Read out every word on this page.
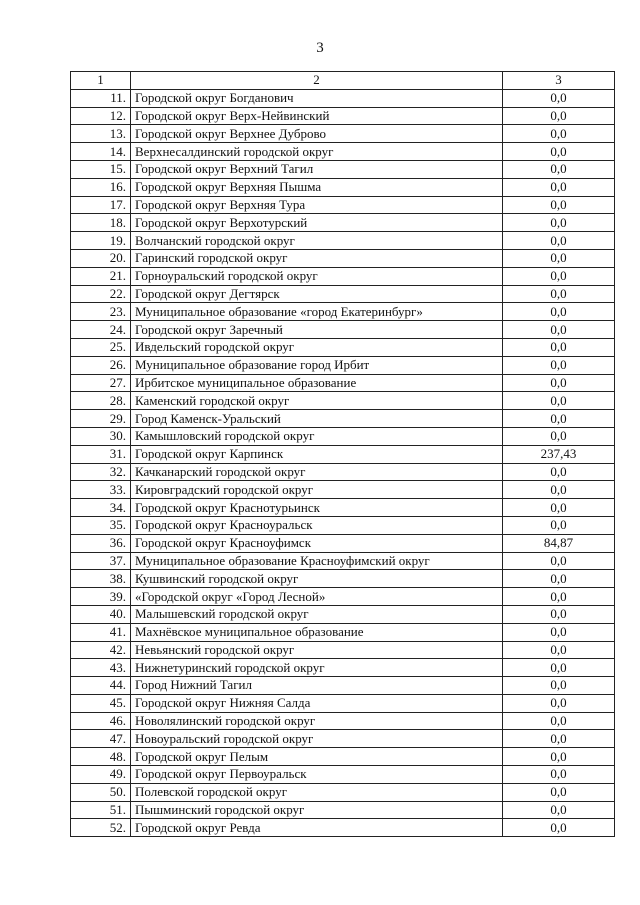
3
1	2	3
11.	Городской округ Богданович	0,0
12.	Городской округ Верх-Нейвинский	0,0
13.	Городской округ Верхнее Дуброво	0,0
14.	Верхнесалдинский городской округ	0,0
15.	Городской округ Верхний Тагил	0,0
16.	Городской округ Верхняя Пышма	0,0
17.	Городской округ Верхняя Тура	0,0
18.	Городской округ Верхотурский	0,0
19.	Волчанский городской округ	0,0
20.	Гаринский городской округ	0,0
21.	Горноуральский городской округ	0,0
22.	Городской округ Дегтярск	0,0
23.	Муниципальное образование «город Екатеринбург»	0,0
24.	Городской округ Заречный	0,0
25.	Ивдельский городской округ	0,0
26.	Муниципальное образование город Ирбит	0,0
27.	Ирбитское муниципальное образование	0,0
28.	Каменский городской округ	0,0
29.	Город Каменск-Уральский	0,0
30.	Камышловский городской округ	0,0
31.	Городской округ Карпинск	237,43
32.	Качканарский городской округ	0,0
33.	Кировградский городской округ	0,0
34.	Городской округ Краснотурьинск	0,0
35.	Городской округ Красноуральск	0,0
36.	Городской округ Красноуфимск	84,87
37.	Муниципальное образование Красноуфимский округ	0,0
38.	Кушвинский городской округ	0,0
39.	«Городской округ «Город Лесной»	0,0
40.	Малышевский городской округ	0,0
41.	Махнёвское муниципальное образование	0,0
42.	Невьянский городской округ	0,0
43.	Нижнетуринский городской округ	0,0
44.	Город Нижний Тагил	0,0
45.	Городской округ Нижняя Салда	0,0
46.	Новолялинский городской округ	0,0
47.	Новоуральский городской округ	0,0
48.	Городской округ Пелым	0,0
49.	Городской округ Первоуральск	0,0
50.	Полевской городской округ	0,0
51.	Пышминский городской округ	0,0
52.	Городской округ Ревда	0,0
